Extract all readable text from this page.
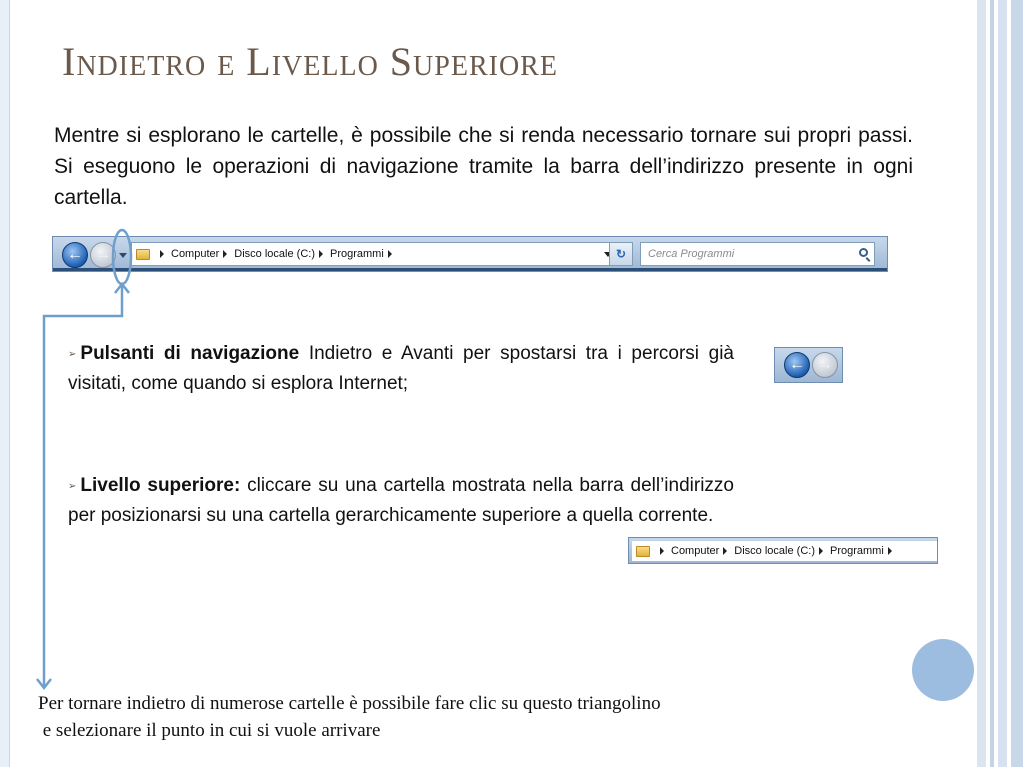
Indietro e Livello Superiore

Mentre si esplorano le cartelle, è possibile che si renda necessario tornare sui propri passi. Si eseguono le operazioni di navigazione tramite la barra dell’indirizzo presente in ogni cartella.

← →	Computer Disco locale (C:) Programmi	↻
Cerca Programmi

➢ Pulsanti di navigazione Indietro e Avanti per spostarsi tra i percorsi già visitati, come quando si esplora Internet;

← →

➢ Livello superiore: cliccare su una cartella mostrata nella barra dell’indirizzo per posizionarsi su una cartella gerarchicamente superiore a quella corrente.

Computer Disco locale (C:) Programmi

Per tornare indietro di numerose cartelle è possibile fare clic su questo triangolino
e selezionare il punto in cui si vuole arrivare
